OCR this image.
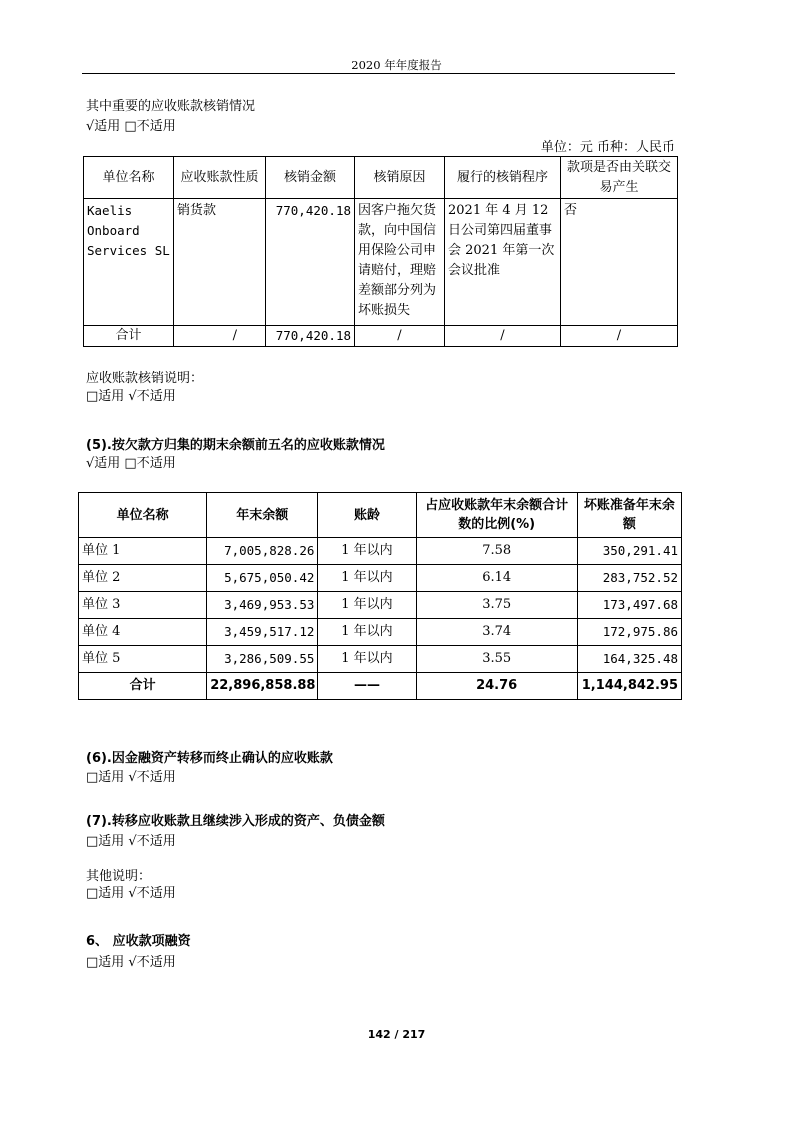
2020 年年度报告
其中重要的应收账款核销情况
√适用 □不适用
单位：元 币种：人民币
单位名称	应收账款性质	核销金额	核销原因	履行的核销程序	款项是否由关联交易产生
Kaelis Onboard Services SL	销货款	770,420.18	因客户拖欠货款，向中国信用保险公司申请赔付，理赔差额部分列为坏账损失	2021 年 4 月 12 日公司第四届董事会 2021 年第一次会议批准	否
合计	/	770,420.18	/	/	/
应收账款核销说明：
□适用 √不适用
(5).按欠款方归集的期末余额前五名的应收账款情况
√适用 □不适用
单位名称	年末余额	账龄	占应收账款年末余额合计数的比例(%)	坏账准备年末余额
单位 1	7,005,828.26	1 年以内	7.58	350,291.41
单位 2	5,675,050.42	1 年以内	6.14	283,752.52
单位 3	3,469,953.53	1 年以内	3.75	173,497.68
单位 4	3,459,517.12	1 年以内	3.74	172,975.86
单位 5	3,286,509.55	1 年以内	3.55	164,325.48
合计	22,896,858.88	——	24.76	1,144,842.95
(6).因金融资产转移而终止确认的应收账款
□适用 √不适用
(7).转移应收账款且继续涉入形成的资产、负债金额
□适用 √不适用
其他说明：
□适用 √不适用
6、 应收款项融资
□适用 √不适用
142 / 217
